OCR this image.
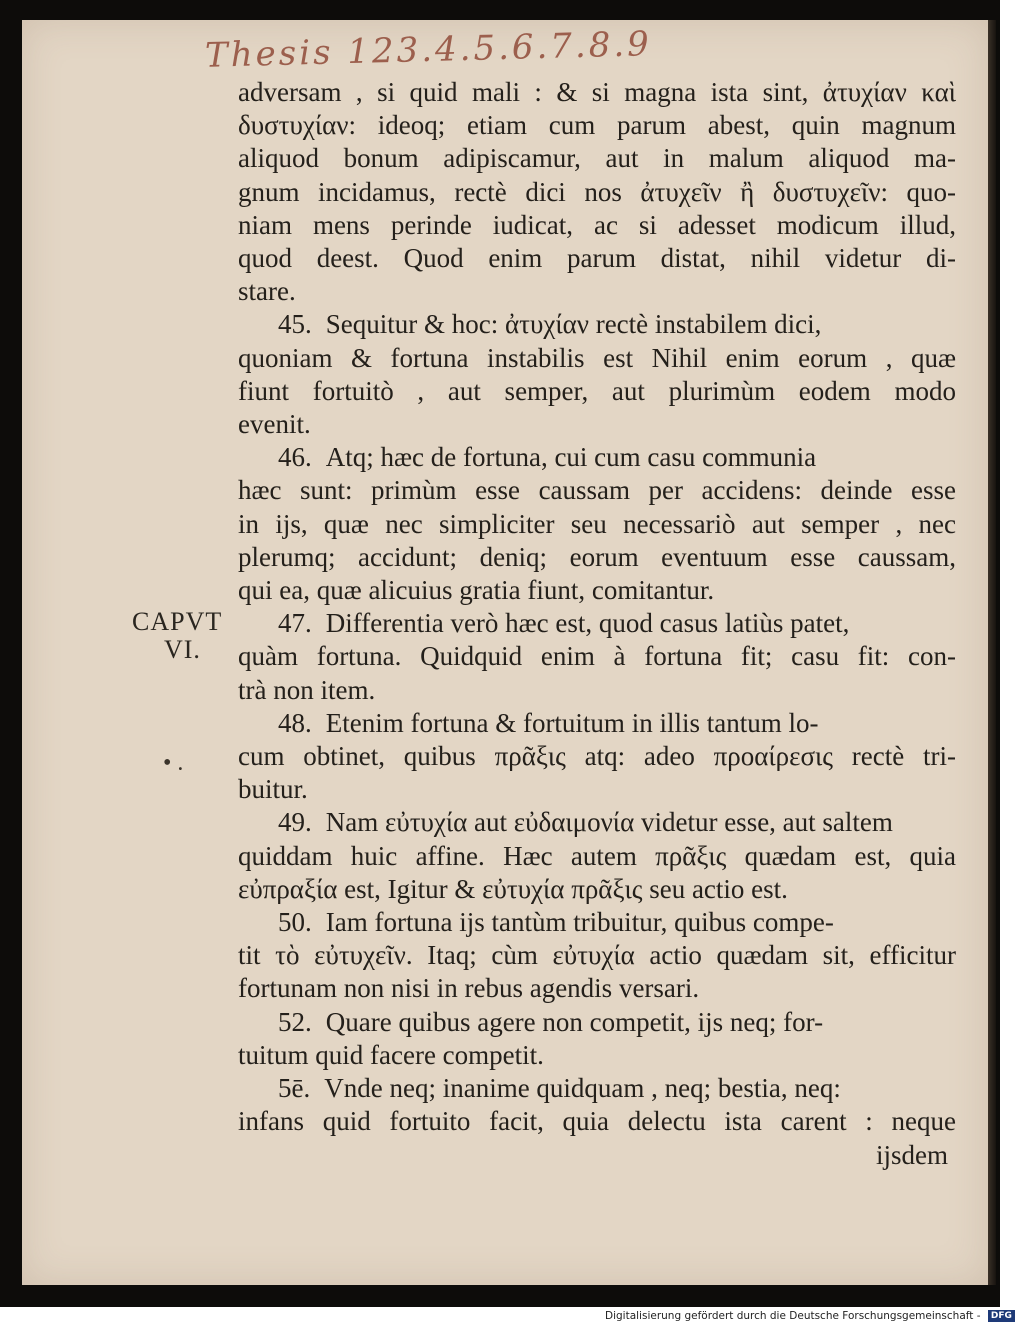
Thesis 123.4.5.6.7.8.9
CAPVT
VI.
• .

adversam , si quid mali : & si magna ista sint, ἀτυχίαν καὶ
δυστυχίαν: ideoq; etiam cum parum abest, quin magnum
aliquod bonum adipiscamur, aut in malum aliquod ma-
gnum incidamus, rectè dici nos ἀτυχεῖν ἢ δυστυχεῖν: quo-
niam mens perinde iudicat, ac si adesset modicum illud,
quod deest. Quod enim parum distat, nihil videtur di-
stare.

45. Sequitur & hoc: ἀτυχίαν rectè instabilem dici,
quoniam & fortuna instabilis est Nihil enim eorum , quæ
fiunt fortuitò , aut semper, aut plurimùm eodem modo
evenit.

46. Atq; hæc de fortuna, cui cum casu communia
hæc sunt: primùm esse caussam per accidens: deinde esse
in ijs, quæ nec simpliciter seu necessariò aut semper , nec
plerumq; accidunt; deniq; eorum eventuum esse caussam,
qui ea, quæ alicuius gratia fiunt, comitantur.

47. Differentia verò hæc est, quod casus latiùs patet,
quàm fortuna. Quidquid enim à fortuna fit; casu fit: con-
trà non item.

48. Etenim fortuna & fortuitum in illis tantum lo-
cum obtinet, quibus πρᾶξις atq: adeo προαίρεσις rectè tri-
buitur.

49. Nam εὐτυχία aut εὐδαιμονία videtur esse, aut saltem
quiddam huic affine. Hæc autem πρᾶξις quædam est, quia
εὐπραξία est, Igitur & εὐτυχία πρᾶξις seu actio est.

50. Iam fortuna ijs tantùm tribuitur, quibus compe-
tit τὸ εὐτυχεῖν. Itaq; cùm εὐτυχία actio quædam sit, efficitur
fortunam non nisi in rebus agendis versari.

52. Quare quibus agere non competit, ijs neq; for-
tuitum quid facere competit.

5ē. Vnde neq; inanime quidquam , neq; bestia, neq:
infans quid fortuito facit, quia delectu ista carent : neque

ijsdem
Digitalisierung gefördert durch die Deutsche Forschungsgemeinschaft - DFG
